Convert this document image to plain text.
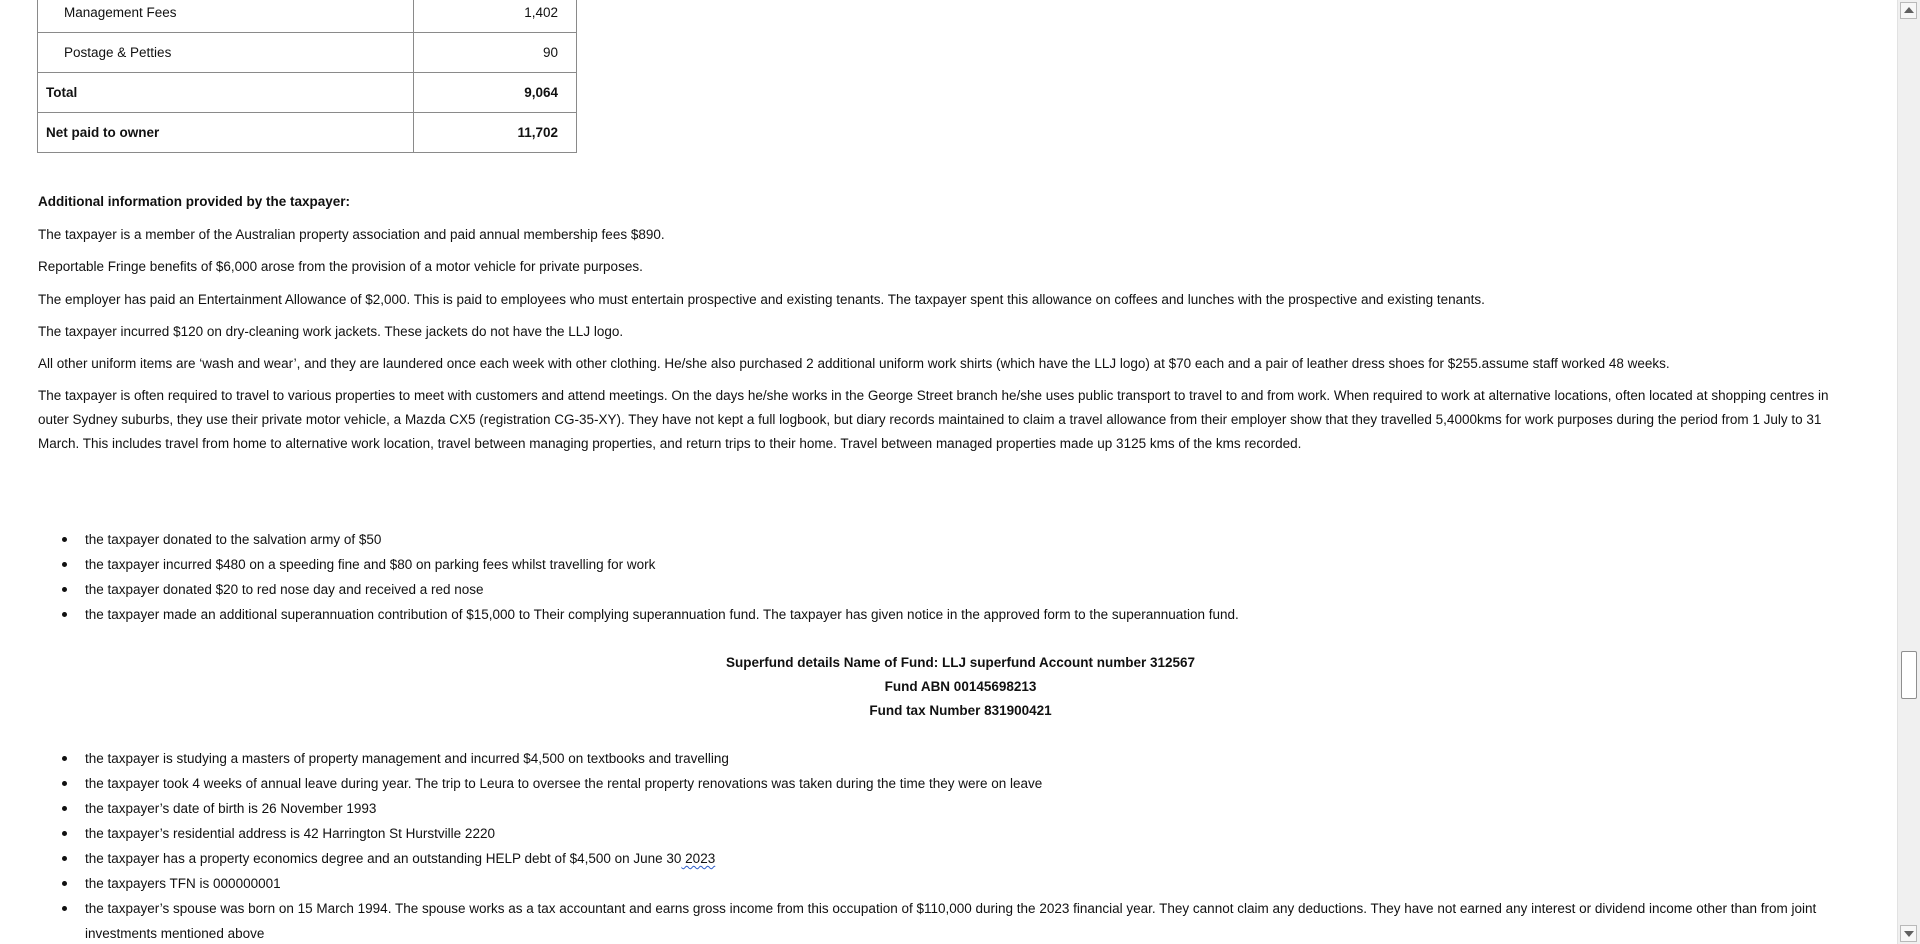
Management Fees	1,402
Postage & Petties	90
Total	9,064
Net paid to owner	11,702
Additional information provided by the taxpayer:

The taxpayer is a member of the Australian property association and paid annual membership fees $890.

Reportable Fringe benefits of $6,000 arose from the provision of a motor vehicle for private purposes.

The employer has paid an Entertainment Allowance of $2,000. This is paid to employees who must entertain prospective and existing tenants. The taxpayer spent this allowance on coffees and lunches with the prospective and existing tenants.

The taxpayer incurred $120 on dry-cleaning work jackets. These jackets do not have the LLJ logo.

All other uniform items are ‘wash and wear’, and they are laundered once each week with other clothing. He/she also purchased 2 additional uniform work shirts (which have the LLJ logo) at $70 each and a pair of leather dress shoes for $255.assume staff worked 48 weeks.

The taxpayer is often required to travel to various properties to meet with customers and attend meetings. On the days he/she works in the George Street branch he/she uses public transport to travel to and from work. When required to work at alternative locations, often located at shopping centres in outer Sydney suburbs, they use their private motor vehicle, a Mazda CX5 (registration CG-35-XY). They have not kept a full logbook, but diary records maintained to claim a travel allowance from their employer show that they travelled 5,4000kms for work purposes during the period from 1 July to 31 March. This includes travel from home to alternative work location, travel between managing properties, and return trips to their home. Travel between managed properties made up 3125 kms of the kms recorded.

the taxpayer donated to the salvation army of $50
the taxpayer incurred $480 on a speeding fine and $80 on parking fees whilst travelling for work
the taxpayer donated $20 to red nose day and received a red nose
the taxpayer made an additional superannuation contribution of $15,000 to Their complying superannuation fund. The taxpayer has given notice in the approved form to the superannuation fund.
Superfund details Name of Fund: LLJ superfund Account number 312567
Fund ABN 00145698213
Fund tax Number 831900421
the taxpayer is studying a masters of property management and incurred $4,500 on textbooks and travelling
the taxpayer took 4 weeks of annual leave during year. The trip to Leura to oversee the rental property renovations was taken during the time they were on leave
the taxpayer’s date of birth is 26 November 1993
the taxpayer’s residential address is 42 Harrington St Hurstville 2220
the taxpayer has a property economics degree and an outstanding HELP debt of $4,500 on June 30 2023
the taxpayers TFN is 000000001
the taxpayer’s spouse was born on 15 March 1994. The spouse works as a tax accountant and earns gross income from this occupation of $110,000 during the 2023 financial year. They cannot claim any deductions. They have not earned any interest or dividend income other than from joint investments mentioned above
